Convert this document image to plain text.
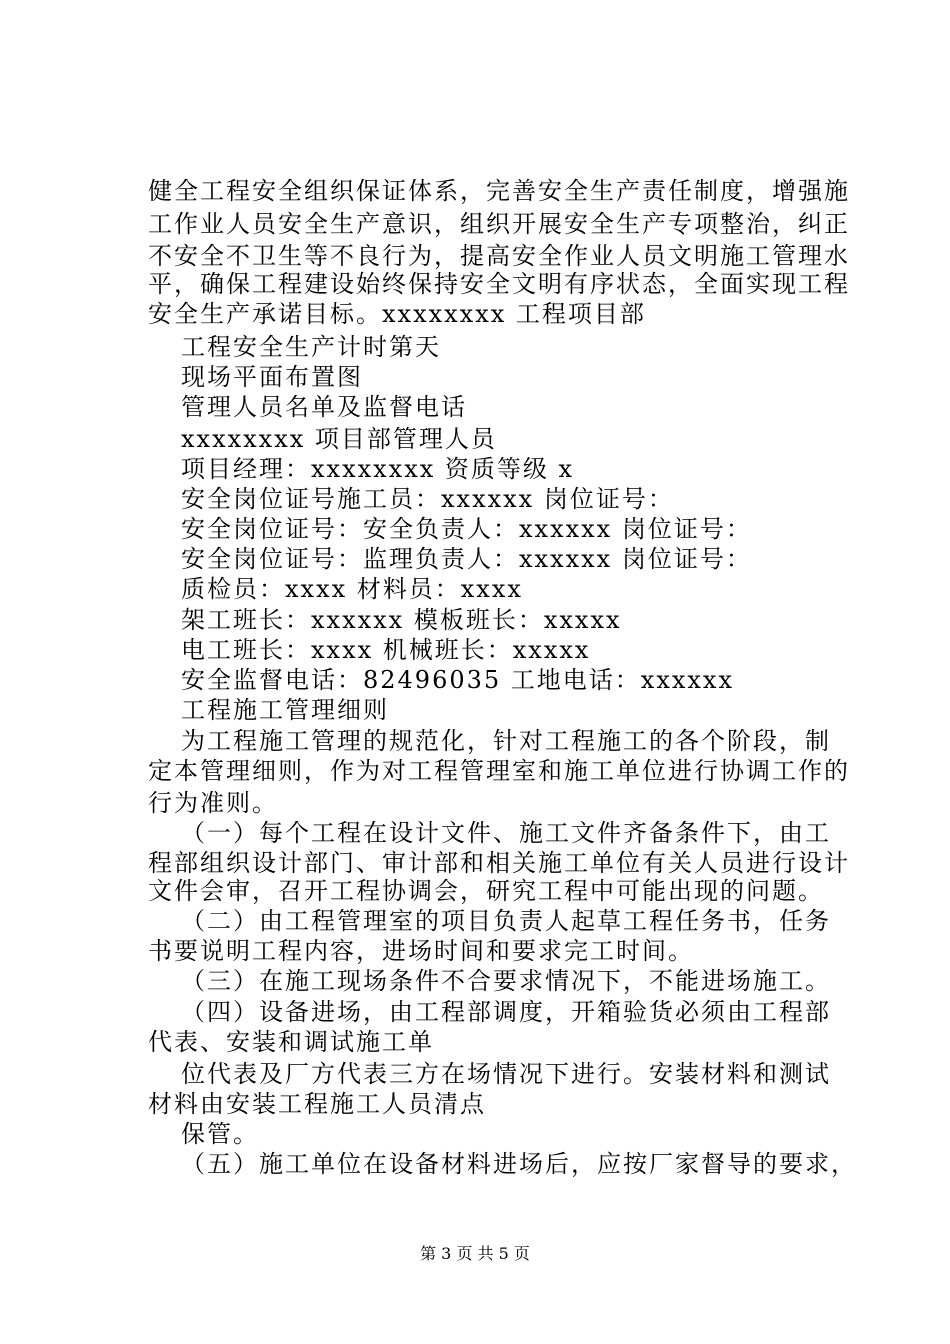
健全工程安全组织保证体系，完善安全生产责任制度，增强施
工作业人员安全生产意识，组织开展安全生产专项整治，纠正
不安全不卫生等不良行为，提高安全作业人员文明施工管理水
平，确保工程建设始终保持安全文明有序状态，全面实现工程
安全生产承诺目标。xxxxxxxx 工程项目部
工程安全生产计时第天
现场平面布置图
管理人员名单及监督电话
xxxxxxxx 项目部管理人员
项目经理：xxxxxxxx 资质等级 x
安全岗位证号施工员：xxxxxx 岗位证号：
安全岗位证号：安全负责人：xxxxxx 岗位证号：
安全岗位证号：监理负责人：xxxxxx 岗位证号：
质检员：xxxx 材料员：xxxx
架工班长：xxxxxx 模板班长：xxxxx
电工班长：xxxx 机械班长：xxxxx
安全监督电话：82496035 工地电话：xxxxxx
工程施工管理细则
为工程施工管理的规范化，针对工程施工的各个阶段，制
定本管理细则，作为对工程管理室和施工单位进行协调工作的
行为准则。
（一）每个工程在设计文件、施工文件齐备条件下，由工
程部组织设计部门、审计部和相关施工单位有关人员进行设计
文件会审，召开工程协调会，研究工程中可能出现的问题。
（二）由工程管理室的项目负责人起草工程任务书，任务
书要说明工程内容，进场时间和要求完工时间。
（三）在施工现场条件不合要求情况下，不能进场施工。
（四）设备进场，由工程部调度，开箱验货必须由工程部
代表、安装和调试施工单
位代表及厂方代表三方在场情况下进行。安装材料和测试
材料由安装工程施工人员清点
保管。
（五）施工单位在设备材料进场后，应按厂家督导的要求，
第 3 页 共 5 页
